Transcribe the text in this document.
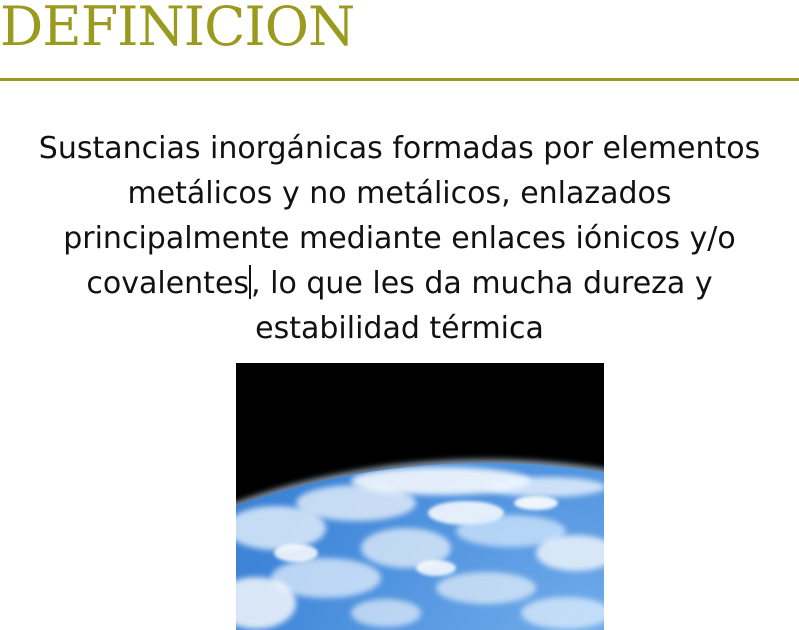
DEFINICION

Sustancias inorgánicas formadas por elementos
metálicos y no metálicos, enlazados
principalmente mediante enlaces iónicos y/o
covalentes, lo que les da mucha dureza y
estabilidad térmica
